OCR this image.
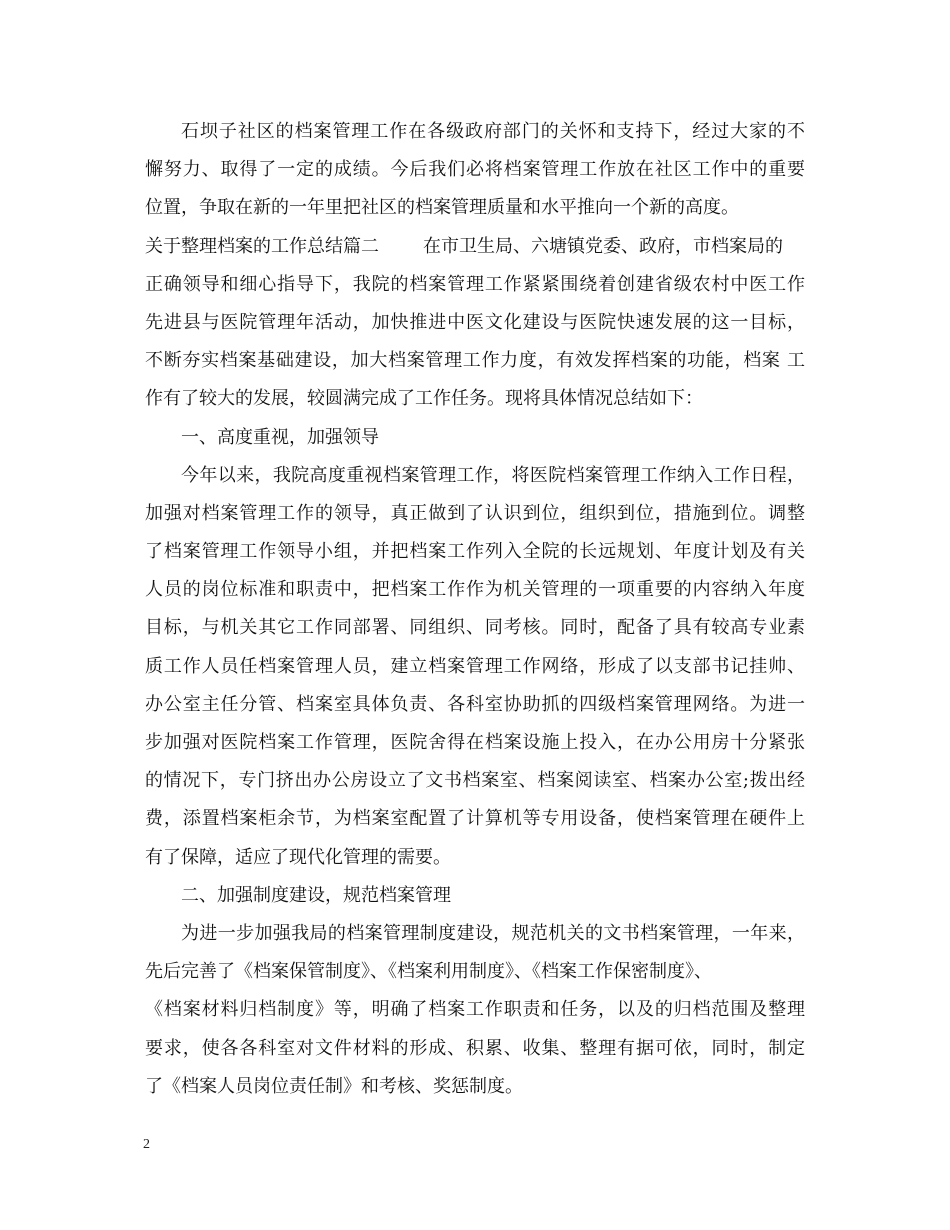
石坝子社区的档案管理工作在各级政府部门的关怀和支持下，经过大家的不
懈努力、取得了一定的成绩。今后我们必将档案管理工作放在社区工作中的重要
位置，争取在新的一年里把社区的档案管理质量和水平推向一个新的高度。
关于整理档案的工作总结篇二 在市卫生局、六塘镇党委、政府，市档案局的
正确领导和细心指导下，我院的档案管理工作紧紧围绕着创建省级农村中医工作
先进县与医院管理年活动，加快推进中医文化建设与医院快速发展的这一目标，
不断夯实档案基础建设，加大档案管理工作力度，有效发挥档案的功能，档案 工
作有了较大的发展，较圆满完成了工作任务。现将具体情况总结如下：
一、高度重视，加强领导
今年以来，我院高度重视档案管理工作，将医院档案管理工作纳入工作日程，
加强对档案管理工作的领导，真正做到了认识到位，组织到位，措施到位。调整
了档案管理工作领导小组，并把档案工作列入全院的长远规划、年度计划及有关
人员的岗位标准和职责中，把档案工作作为机关管理的一项重要的内容纳入年度
目标，与机关其它工作同部署、同组织、同考核。同时，配备了具有较高专业素
质工作人员任档案管理人员，建立档案管理工作网络，形成了以支部书记挂帅、
办公室主任分管、档案室具体负责、各科室协助抓的四级档案管理网络。为进一
步加强对医院档案工作管理，医院舍得在档案设施上投入，在办公用房十分紧张
的情况下，专门挤出办公房设立了文书档案室、档案阅读室、档案办公室;拨出经
费，添置档案柜余节，为档案室配置了计算机等专用设备，使档案管理在硬件上
有了保障，适应了现代化管理的需要。
二、加强制度建设，规范档案管理
为进一步加强我局的档案管理制度建设，规范机关的文书档案管理，一年来，
先后完善了《档案保管制度》、《档案利用制度》、《档案工作保密制度》、
《档案材料归档制度》等，明确了档案工作职责和任务，以及的归档范围及整理
要求，使各各科室对文件材料的形成、积累、收集、整理有据可依，同时，制定
了《档案人员岗位责任制》和考核、奖惩制度。
2
